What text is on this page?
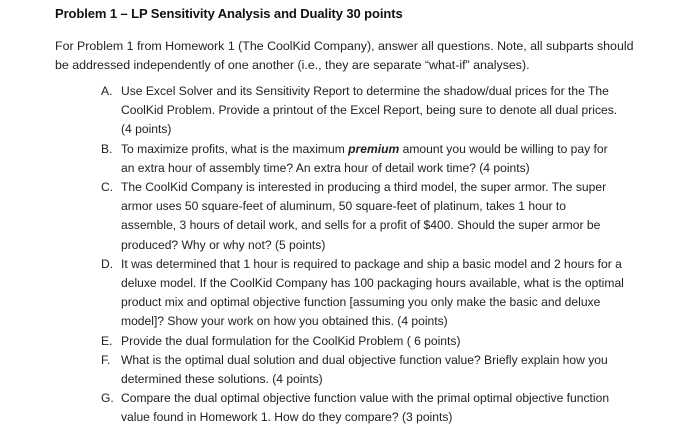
Problem 1 – LP Sensitivity Analysis and Duality 30 points
For Problem 1 from Homework 1 (The CoolKid Company), answer all questions. Note, all subparts should
be addressed independently of one another (i.e., they are separate “what-if” analyses).
A. Use Excel Solver and its Sensitivity Report to determine the shadow/dual prices for the The
CoolKid Problem. Provide a printout of the Excel Report, being sure to denote all dual prices.
(4 points)
B. To maximize profits, what is the maximum premium amount you would be willing to pay for
an extra hour of assembly time? An extra hour of detail work time? (4 points)
C. The CoolKid Company is interested in producing a third model, the super armor. The super
armor uses 50 square-feet of aluminum, 50 square-feet of platinum, takes 1 hour to
assemble, 3 hours of detail work, and sells for a profit of $400. Should the super armor be
produced? Why or why not? (5 points)
D. It was determined that 1 hour is required to package and ship a basic model and 2 hours for a
deluxe model. If the CoolKid Company has 100 packaging hours available, what is the optimal
product mix and optimal objective function [assuming you only make the basic and deluxe
model]? Show your work on how you obtained this. (4 points)
E. Provide the dual formulation for the CoolKid Problem ( 6 points)
F. What is the optimal dual solution and dual objective function value? Briefly explain how you
determined these solutions. (4 points)
G. Compare the dual optimal objective function value with the primal optimal objective function
value found in Homework 1. How do they compare? (3 points)
